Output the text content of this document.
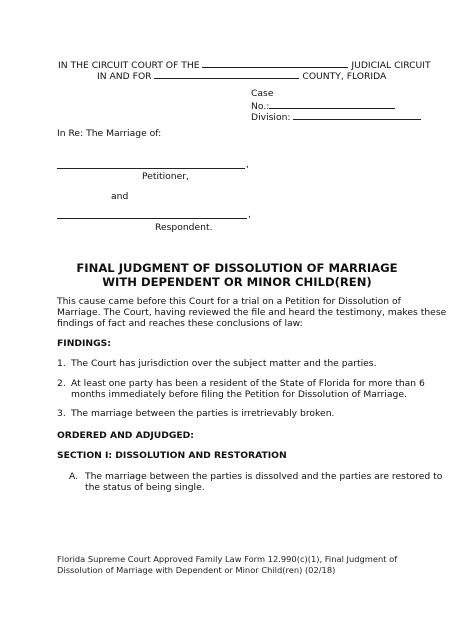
IN THE CIRCUIT COURT OF THE	JUDICIAL CIRCUIT
IN AND FOR	COUNTY, FLORIDA
Case
No.:
Division:
In Re: The Marriage of:
,
Petitioner,
and
,
Respondent.
FINAL JUDGMENT OF DISSOLUTION OF MARRIAGE
WITH DEPENDENT OR MINOR CHILD(REN)
This cause came before this Court for a trial on a Petition for Dissolution of
Marriage. The Court, having reviewed the file and heard the testimony, makes these
findings of fact and reaches these conclusions of law:
FINDINGS:
1. The Court has jurisdiction over the subject matter and the parties.
2. At least one party has been a resident of the State of Florida for more than 6
months immediately before filing the Petition for Dissolution of Marriage.
3. The marriage between the parties is irretrievably broken.
ORDERED AND ADJUDGED:
SECTION I: DISSOLUTION AND RESTORATION
A. The marriage between the parties is dissolved and the parties are restored to
the status of being single.
Florida Supreme Court Approved Family Law Form 12.990(c)(1), Final Judgment of
Dissolution of Marriage with Dependent or Minor Child(ren) (02/18)
